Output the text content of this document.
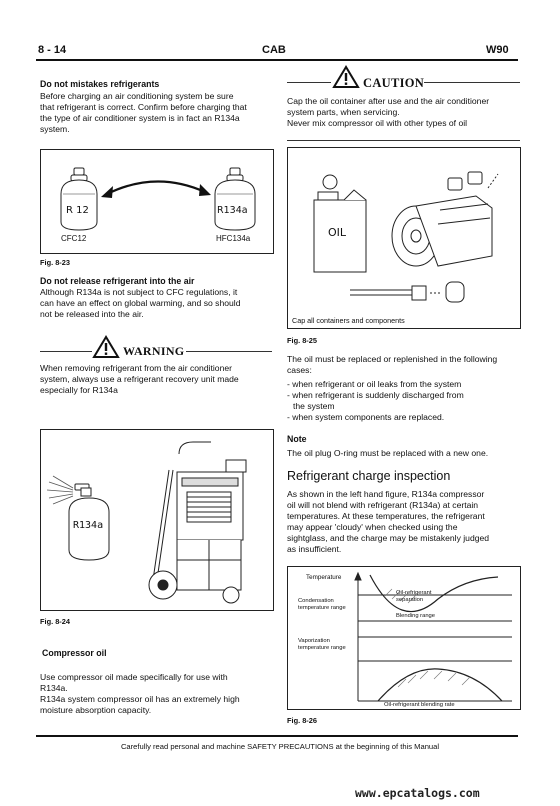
8 - 14	CAB	W90
Do not mistakes refrigerants
Before charging an air conditioning system be sure
that refrigerant is correct. Confirm before charging that
the type of air conditioner system is in fact an R134a
system.
R 12	R134a
CFC12	HFC134a
Fig. 8-23
Do not release refrigerant into the air
Although R134a is not subject to CFC regulations, it
can have an effect on global warming, and so should
not be released into the air.
WARNING
When removing refrigerant from the air conditioner
system, always use a refrigerant recovery unit made
especially for R134a
R134a
Fig. 8-24
Compressor oil
Use compressor oil made specifically for use with
R134a.
R134a system compressor oil has an extremely high
moisture absorption capacity.
CAUTION
Cap the oil container after use and the air conditioner
system parts, when servicing.
Never mix compressor oil with other types of oil
OIL
Cap all containers and components
Fig. 8-25
The oil must be replaced or replenished in the following
cases:
- when refrigerant or oil leaks from the system
- when refrigerant is suddenly discharged from
the system
- when system components are replaced.
Note
The oil plug O-ring must be replaced with a new one.
Refrigerant charge inspection
As shown in the left hand figure, R134a compressor
oil will not blend with refrigerant (R134a) at certain
temperatures. At these temperatures, the refrigerant
may appear 'cloudy' when checked using the
sightglass, and the charge may be mistakenly judged
as insufficient.
Temperature
Condensation
temperature range
Vaporization
temperature range
Oil-refrigerant
separation
Blending range
Oil-refrigerant blending rate
Fig. 8-26
Carefully read personal and machine SAFETY PRECAUTIONS at the beginning of this Manual
www.epcatalogs.com
